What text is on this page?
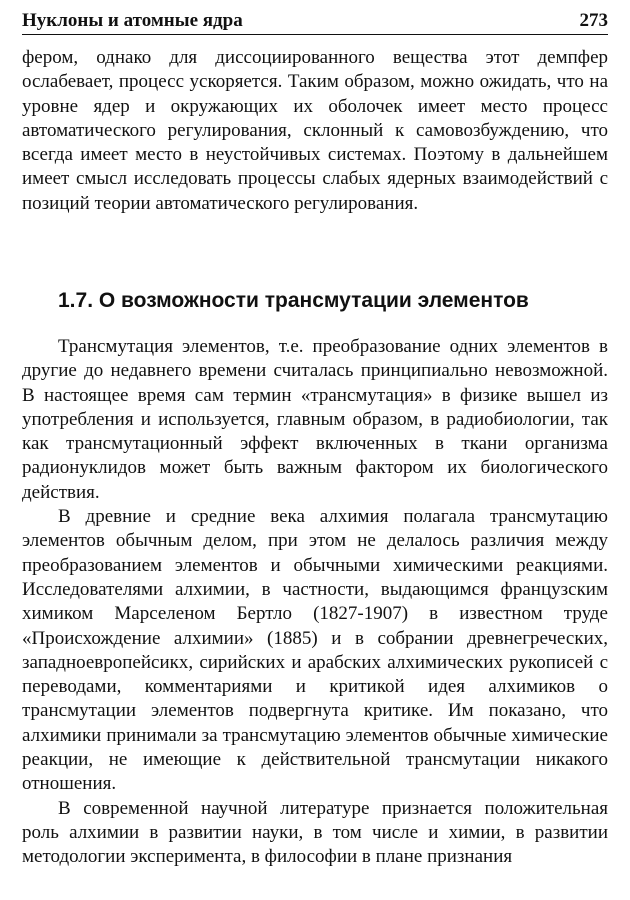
Нуклоны и атомные ядра	273

фером, однако для диссоциированного вещества этот демпфер ослабевает, процесс ускоряется. Таким образом, можно ожидать, что на уровне ядер и окружающих их оболочек имеет место процесс автоматического регулирования, склонный к самовозбуждению, что всегда имеет место в неустойчивых системах. Поэтому в дальнейшем имеет смысл исследовать процессы слабых ядерных взаимодействий с позиций теории автоматического регулирования.

1.7. О возможности трансмутации элементов

Трансмутация элементов, т.е. преобразование одних элементов в другие до недавнего времени считалась принципиально невозможной. В настоящее время сам термин «трансмутация» в физике вышел из употребления и используется, главным образом, в радиобиологии, так как трансмутационный эффект включенных в ткани организма радионуклидов может быть важным фактором их биологического действия.

В древние и средние века алхимия полагала трансмутацию элементов обычным делом, при этом не делалось различия между преобразованием элементов и обычными химическими реакциями. Исследователями алхимии, в частности, выдающимся французским химиком Марселеном Бертло (1827-1907) в известном труде «Происхождение алхимии» (1885) и в собрании древнегреческих, западноевропейсикх, сирийских и арабских алхимических рукописей с переводами, комментариями и критикой идея алхимиков о трансмутации элементов подвергнута критике. Им показано, что алхимики принимали за трансмутацию элементов обычные химические реакции, не имеющие к действительной трансмутации никакого отношения.

В современной научной литературе признается положительная роль алхимии в развитии науки, в том числе и химии, в развитии методологии эксперимента, в философии в плане признания
